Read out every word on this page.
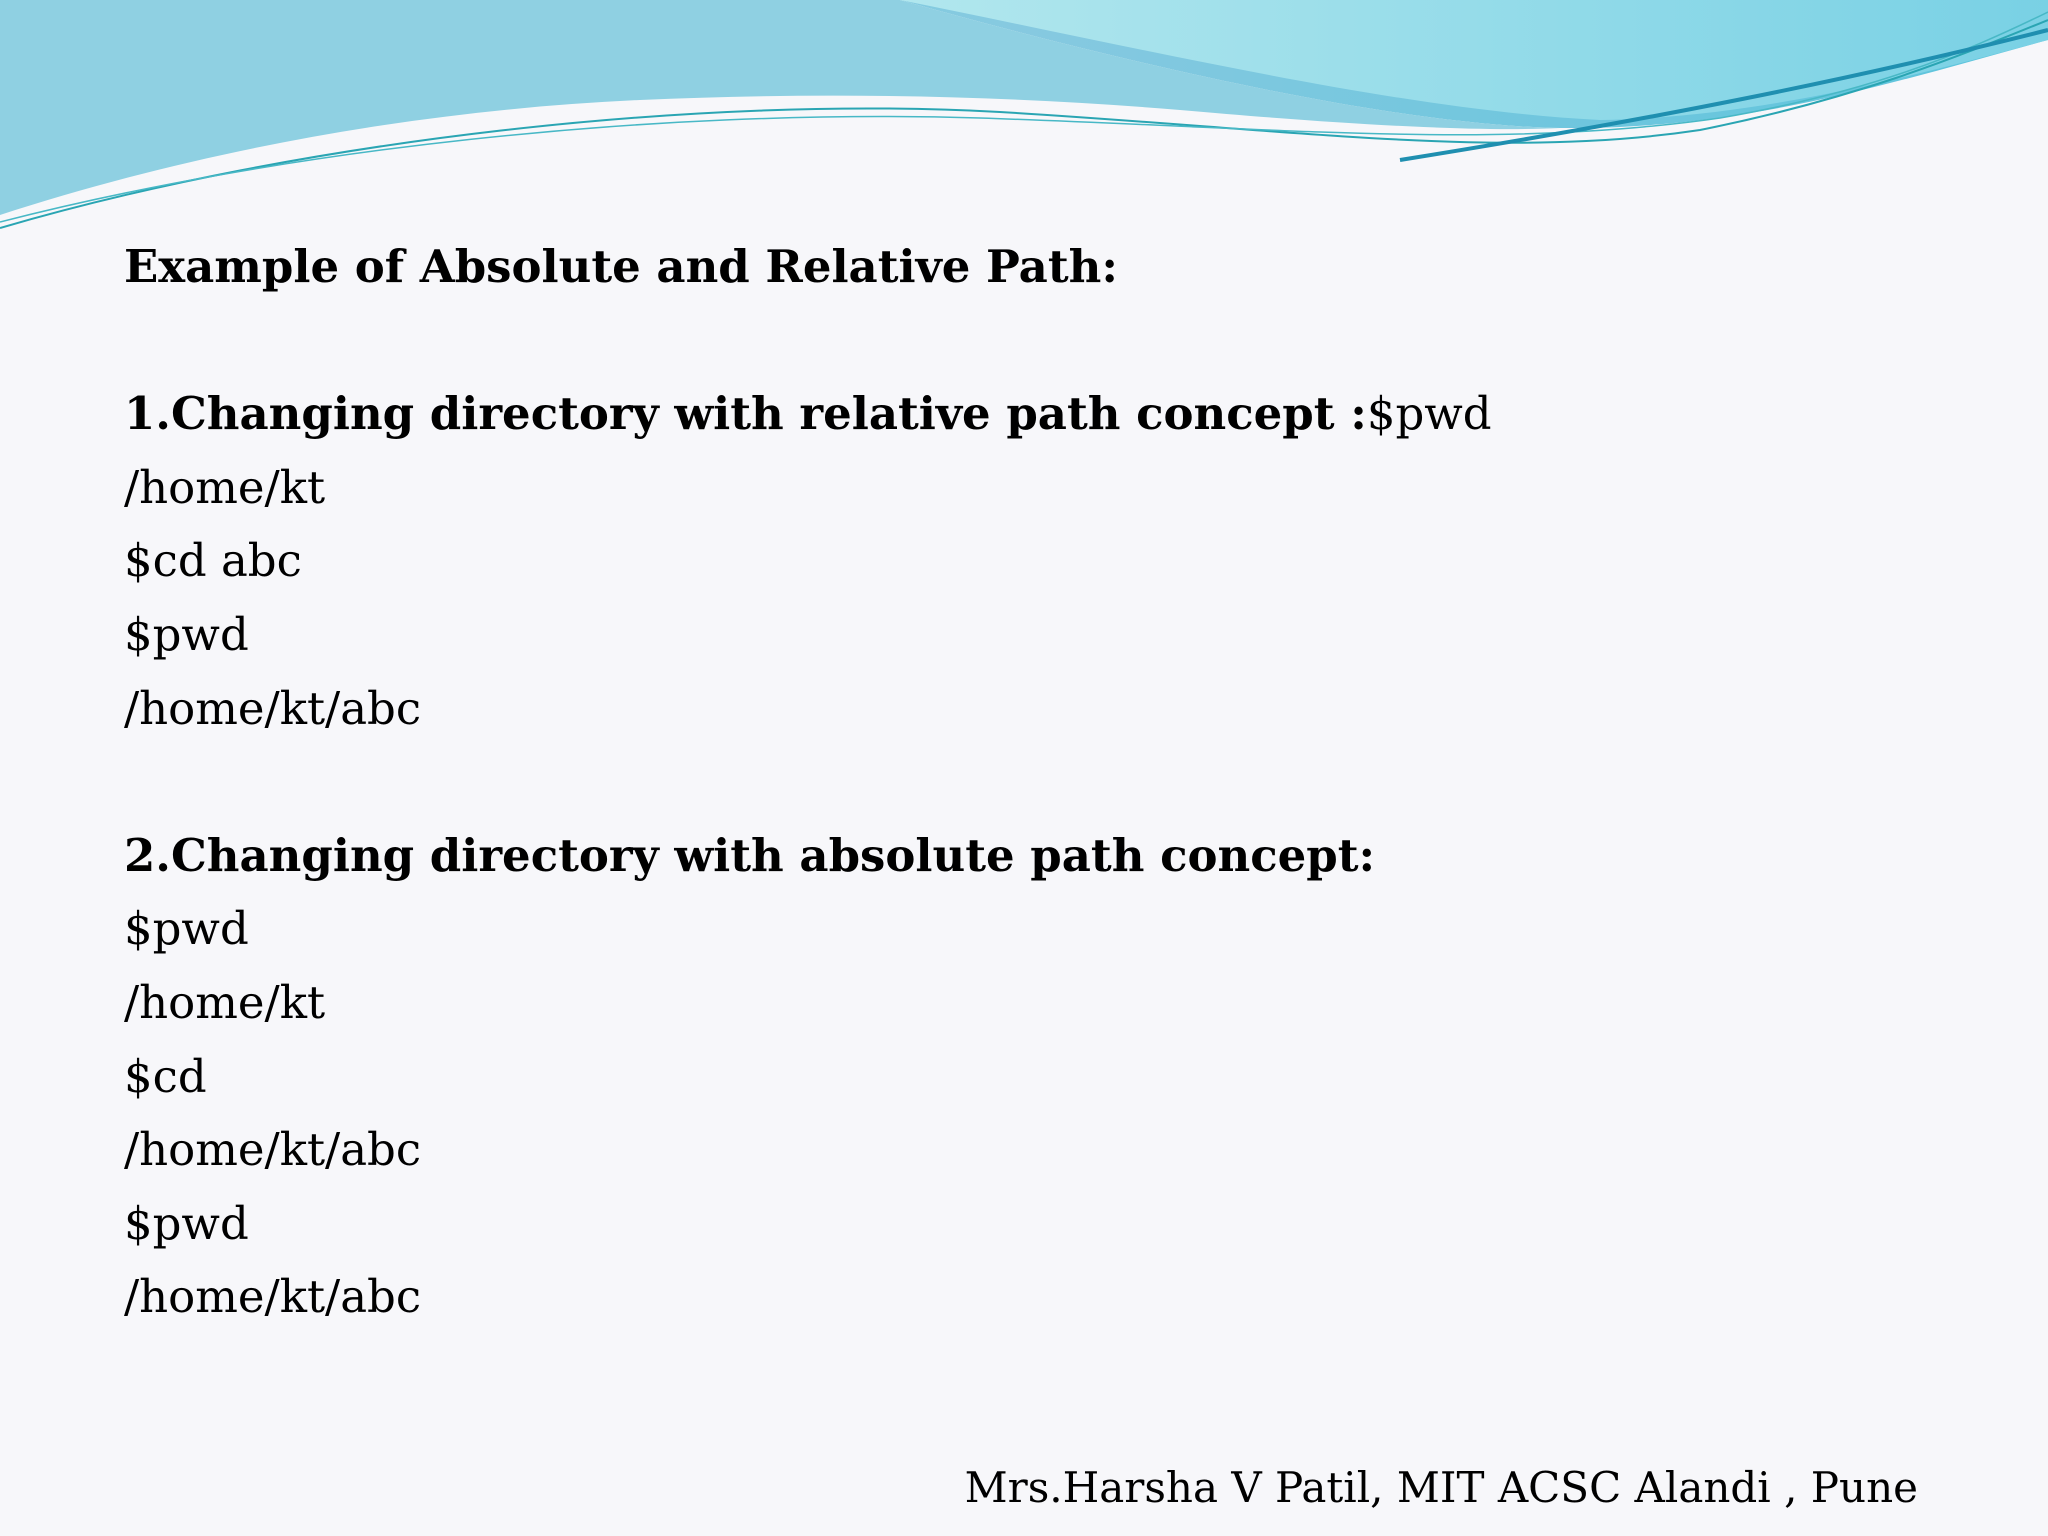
Example of Absolute and Relative Path:
1.Changing directory with relative path concept :$pwd
/home/kt
$cd abc
$pwd
/home/kt/abc
2.Changing directory with absolute path concept:
$pwd
/home/kt
$cd
/home/kt/abc
$pwd
/home/kt/abc
Mrs.Harsha V Patil, MIT ACSC Alandi , Pune
